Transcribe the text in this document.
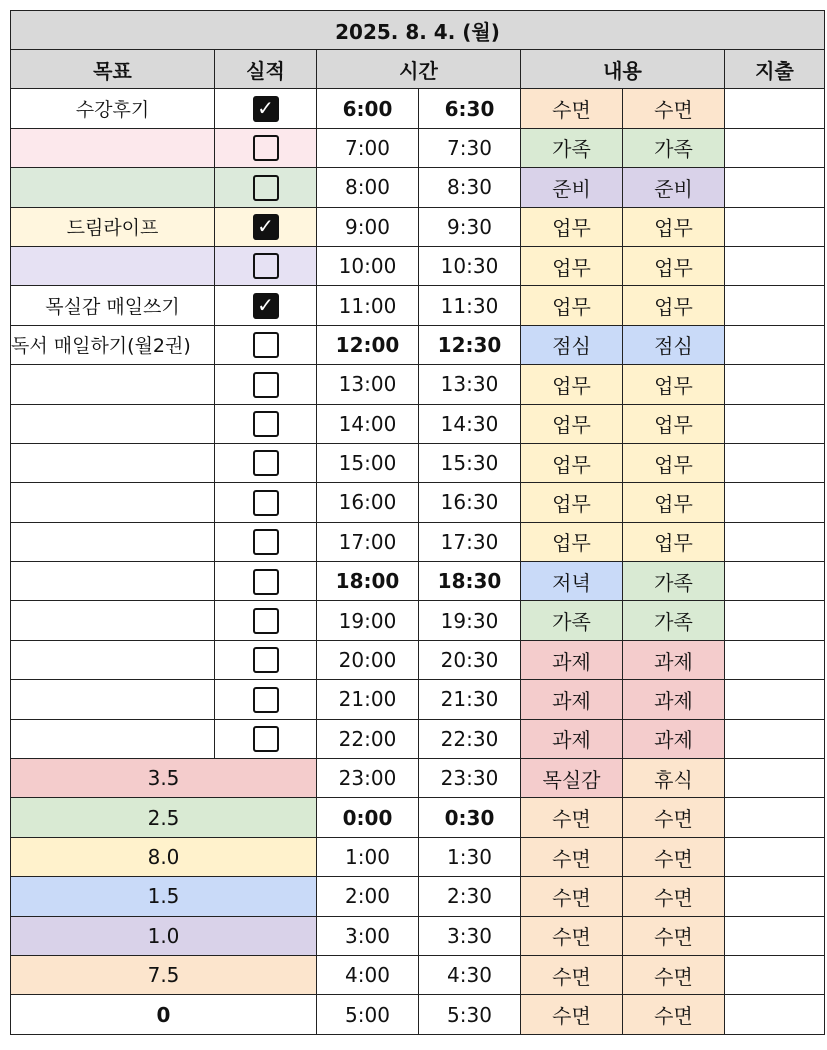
2025. 8. 4. (월)						
목표	실적	시간		내용		지출
수강후기	✓	6:00	6:30	수면	수면	
		7:00	7:30	가족	가족	
		8:00	8:30	준비	준비	
드림라이프	✓	9:00	9:30	업무	업무	
		10:00	10:30	업무	업무	
목실감 매일쓰기	✓	11:00	11:30	업무	업무	
독서 매일하기(월2권)		12:00	12:30	점심	점심	
		13:00	13:30	업무	업무	
		14:00	14:30	업무	업무	
		15:00	15:30	업무	업무	
		16:00	16:30	업무	업무	
		17:00	17:30	업무	업무	
		18:00	18:30	저녁	가족	
		19:00	19:30	가족	가족	
		20:00	20:30	과제	과제	
		21:00	21:30	과제	과제	
		22:00	22:30	과제	과제	
3.5		23:00	23:30	목실감	휴식	
2.5		0:00	0:30	수면	수면	
8.0		1:00	1:30	수면	수면	
1.5		2:00	2:30	수면	수면	
1.0		3:00	3:30	수면	수면	
7.5		4:00	4:30	수면	수면	
0		5:00	5:30	수면	수면	
